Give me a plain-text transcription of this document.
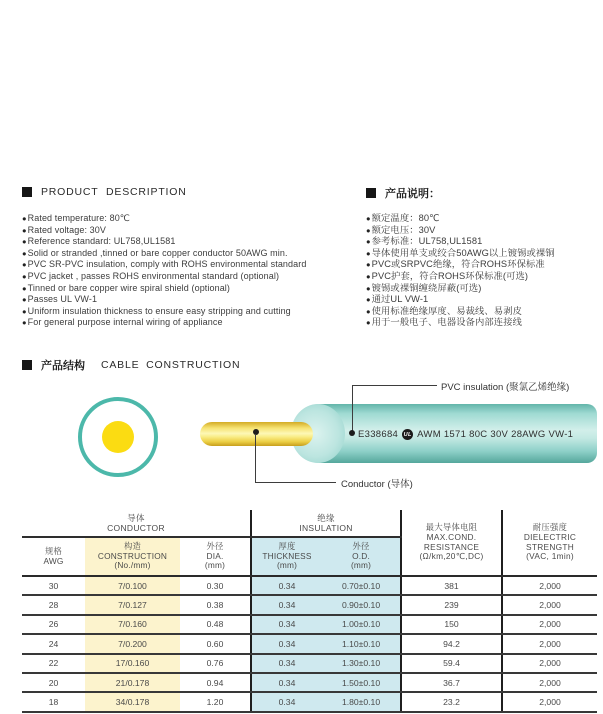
PRODUCT DESCRIPTION	产品说明：
●Rated temperature: 80℃
●Rated voltage: 30V
●Reference standard: UL758,UL1581
●Solid or stranded ,tinned or bare copper conductor 50AWG min.
●PVC SR-PVC insulation, comply with ROHS environmental standard
●PVC jacket , passes ROHS environmental standard (optional)
●Tinned or bare copper wire spiral shield (optional)
●Passes UL VW-1
●Uniform insulation thickness to ensure easy stripping and cutting
●For general purpose internal wiring of appliance
●额定温度：80℃
●额定电压：30V
●参考标准：UL758,UL1581
●导体使用单支或绞合50AWG以上镀锡或裸铜
●PVC或SRPVC绝缘，符合ROHS环保标准
●PVC护套，符合ROHS环保标准(可选)
●镀锡或裸铜缠绕屏蔽(可选)
●通过UL VW-1
●使用标准绝缘厚度、易裁线、易剥皮
●用于一般电子、电器设备内部连接线
产品结构 CABLE CONSTRUCTION
E338684 UL AWM 1571 80C 30V 28AWG VW-1
PVC insulation (聚氯乙烯绝缘)
Conductor (导体)
导体
CONDUCTOR

绝缘
INSULATION	最大导体电阻
MAX.COND.
RESISTANCE
(Ω/km,20℃,DC)

耐压强度
DIELECTRIC
STRENGTH
(VAC, 1min)

规格
AWG

构造
CONSTRUCTION
(No./mm)

外径
DIA.
(mm)

厚度
THICKNESS
(mm)

外径
O.D.
(mm)

30	7/0.100	0.30	0.34	0.70±0.10	381	2,000
28	7/0.127	0.38	0.34	0.90±0.10	239	2,000
26	7/0.160	0.48	0.34	1.00±0.10	150	2,000
24	7/0.200	0.60	0.34	1.10±0.10	94.2	2,000
22	17/0.160	0.76	0.34	1.30±0.10	59.4	2,000
20	21/0.178	0.94	0.34	1.50±0.10	36.7	2,000
18	34/0.178	1.20	0.34	1.80±0.10	23.2	2,000
